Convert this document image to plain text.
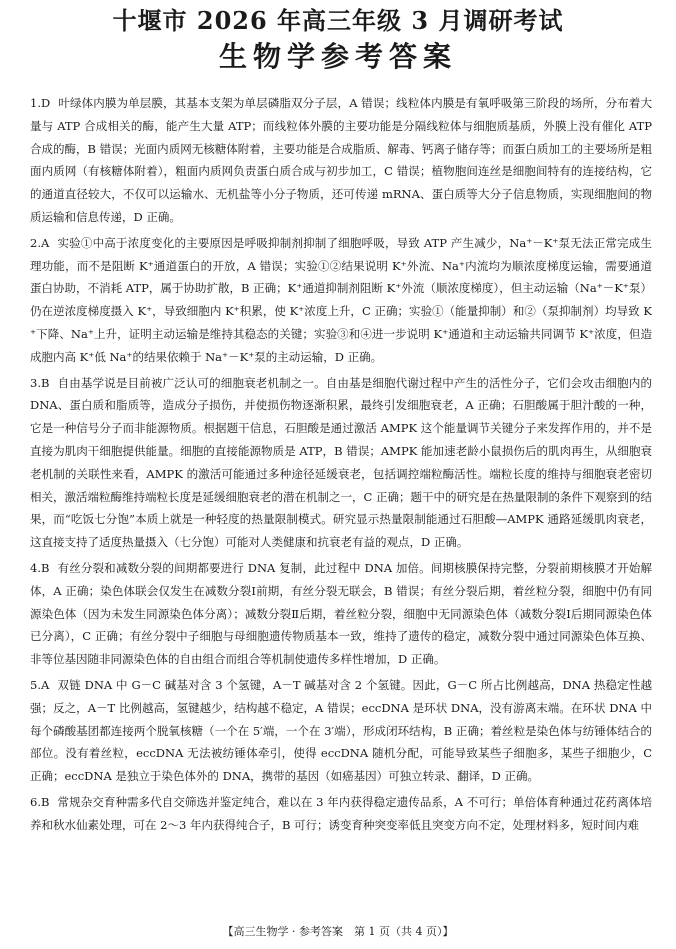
十堰市 2026 年高三年级 3 月调研考试
生物学参考答案

1.D 叶绿体内膜为单层膜，其基本支架为单层磷脂双分子层，A 错误；线粒体内膜是有氧呼吸第三阶段的场所，分布着大量与 ATP 合成相关的酶，能产生大量 ATP；而线粒体外膜的主要功能是分隔线粒体与细胞质基质，外膜上没有催化 ATP 合成的酶，B 错误；光面内质网无核糖体附着，主要功能是合成脂质、解毒、钙离子储存等；而蛋白质加工的主要场所是粗面内质网（有核糖体附着），粗面内质网负责蛋白质合成与初步加工，C 错误；植物胞间连丝是细胞间特有的连接结构，它的通道直径较大，不仅可以运输水、无机盐等小分子物质，还可传递 mRNA、蛋白质等大分子信息物质，实现细胞间的物质运输和信息传递，D 正确。

2.A 实验①中高于浓度变化的主要原因是呼吸抑制剂抑制了细胞呼吸，导致 ATP 产生减少，Na⁺－K⁺泵无法正常完成生理功能，而不是阻断 K⁺通道蛋白的开放，A 错误；实验①②结果说明 K⁺外流、Na⁺内流均为顺浓度梯度运输，需要通道蛋白协助，不消耗 ATP，属于协助扩散，B 正确；K⁺通道抑制剂阻断 K⁺外流（顺浓度梯度），但主动运输（Na⁺－K⁺泵）仍在逆浓度梯度摄入 K⁺，导致细胞内 K⁺积累，使 K⁺浓度上升，C 正确；实验①（能量抑制）和②（泵抑制剂）均导致 K⁺下降、Na⁺上升，证明主动运输是维持其稳态的关键；实验③和④进一步说明 K⁺通道和主动运输共同调节 K⁺浓度，但造成胞内高 K⁺低 Na⁺的结果依赖于 Na⁺－K⁺泵的主动运输，D 正确。

3.B 自由基学说是目前被广泛认可的细胞衰老机制之一。自由基是细胞代谢过程中产生的活性分子，它们会攻击细胞内的 DNA、蛋白质和脂质等，造成分子损伤，并使损伤物逐渐积累，最终引发细胞衰老，A 正确；石胆酸属于胆汁酸的一种，它是一种信号分子而非能源物质。根据题干信息，石胆酸是通过激活 AMPK 这个能量调节关键分子来发挥作用的，并不是直接为肌肉干细胞提供能量。细胞的直接能源物质是 ATP，B 错误；AMPK 能加速老龄小鼠损伤后的肌肉再生，从细胞衰老机制的关联性来看，AMPK 的激活可能通过多种途径延缓衰老，包括调控端粒酶活性。端粒长度的维持与细胞衰老密切相关，激活端粒酶维持端粒长度是延缓细胞衰老的潜在机制之一，C 正确；题干中的研究是在热量限制的条件下观察到的结果，而“吃饭七分饱”本质上就是一种轻度的热量限制模式。研究显示热量限制能通过石胆酸—AMPK 通路延缓肌肉衰老，这直接支持了适度热量摄入（七分饱）可能对人类健康和抗衰老有益的观点，D 正确。

4.B 有丝分裂和减数分裂的间期都要进行 DNA 复制，此过程中 DNA 加倍。间期核膜保持完整，分裂前期核膜才开始解体，A 正确；染色体联会仅发生在减数分裂Ⅰ前期，有丝分裂无联会，B 错误；有丝分裂后期，着丝粒分裂，细胞中仍有同源染色体（因为未发生同源染色体分离）；减数分裂Ⅱ后期，着丝粒分裂，细胞中无同源染色体（减数分裂Ⅰ后期同源染色体已分离），C 正确；有丝分裂中子细胞与母细胞遗传物质基本一致，维持了遗传的稳定，减数分裂中通过同源染色体互换、非等位基因随非同源染色体的自由组合而组合等机制使遗传多样性增加，D 正确。

5.A 双链 DNA 中 G－C 碱基对含 3 个氢键，A－T 碱基对含 2 个氢键。因此，G－C 所占比例越高，DNA 热稳定性越强；反之，A－T 比例越高，氢键越少，结构越不稳定，A 错误；eccDNA 是环状 DNA，没有游离末端。在环状 DNA 中每个磷酸基团都连接两个脱氧核糖（一个在 5′端，一个在 3′端），形成闭环结构，B 正确；着丝粒是染色体与纺锤体结合的部位。没有着丝粒，eccDNA 无法被纺锤体牵引，使得 eccDNA 随机分配，可能导致某些子细胞多，某些子细胞少，C 正确；eccDNA 是独立于染色体外的 DNA，携带的基因（如癌基因）可独立转录、翻译，D 正确。

6.B 常规杂交育种需多代自交筛选并鉴定纯合，难以在 3 年内获得稳定遗传品系，A 不可行；单倍体育种通过花药离体培养和秋水仙素处理，可在 2～3 年内获得纯合子，B 可行；诱变育种突变率低且突变方向不定，处理材料多，短时间内难

【高三生物学 · 参考答案　第 1 页（共 4 页）】
